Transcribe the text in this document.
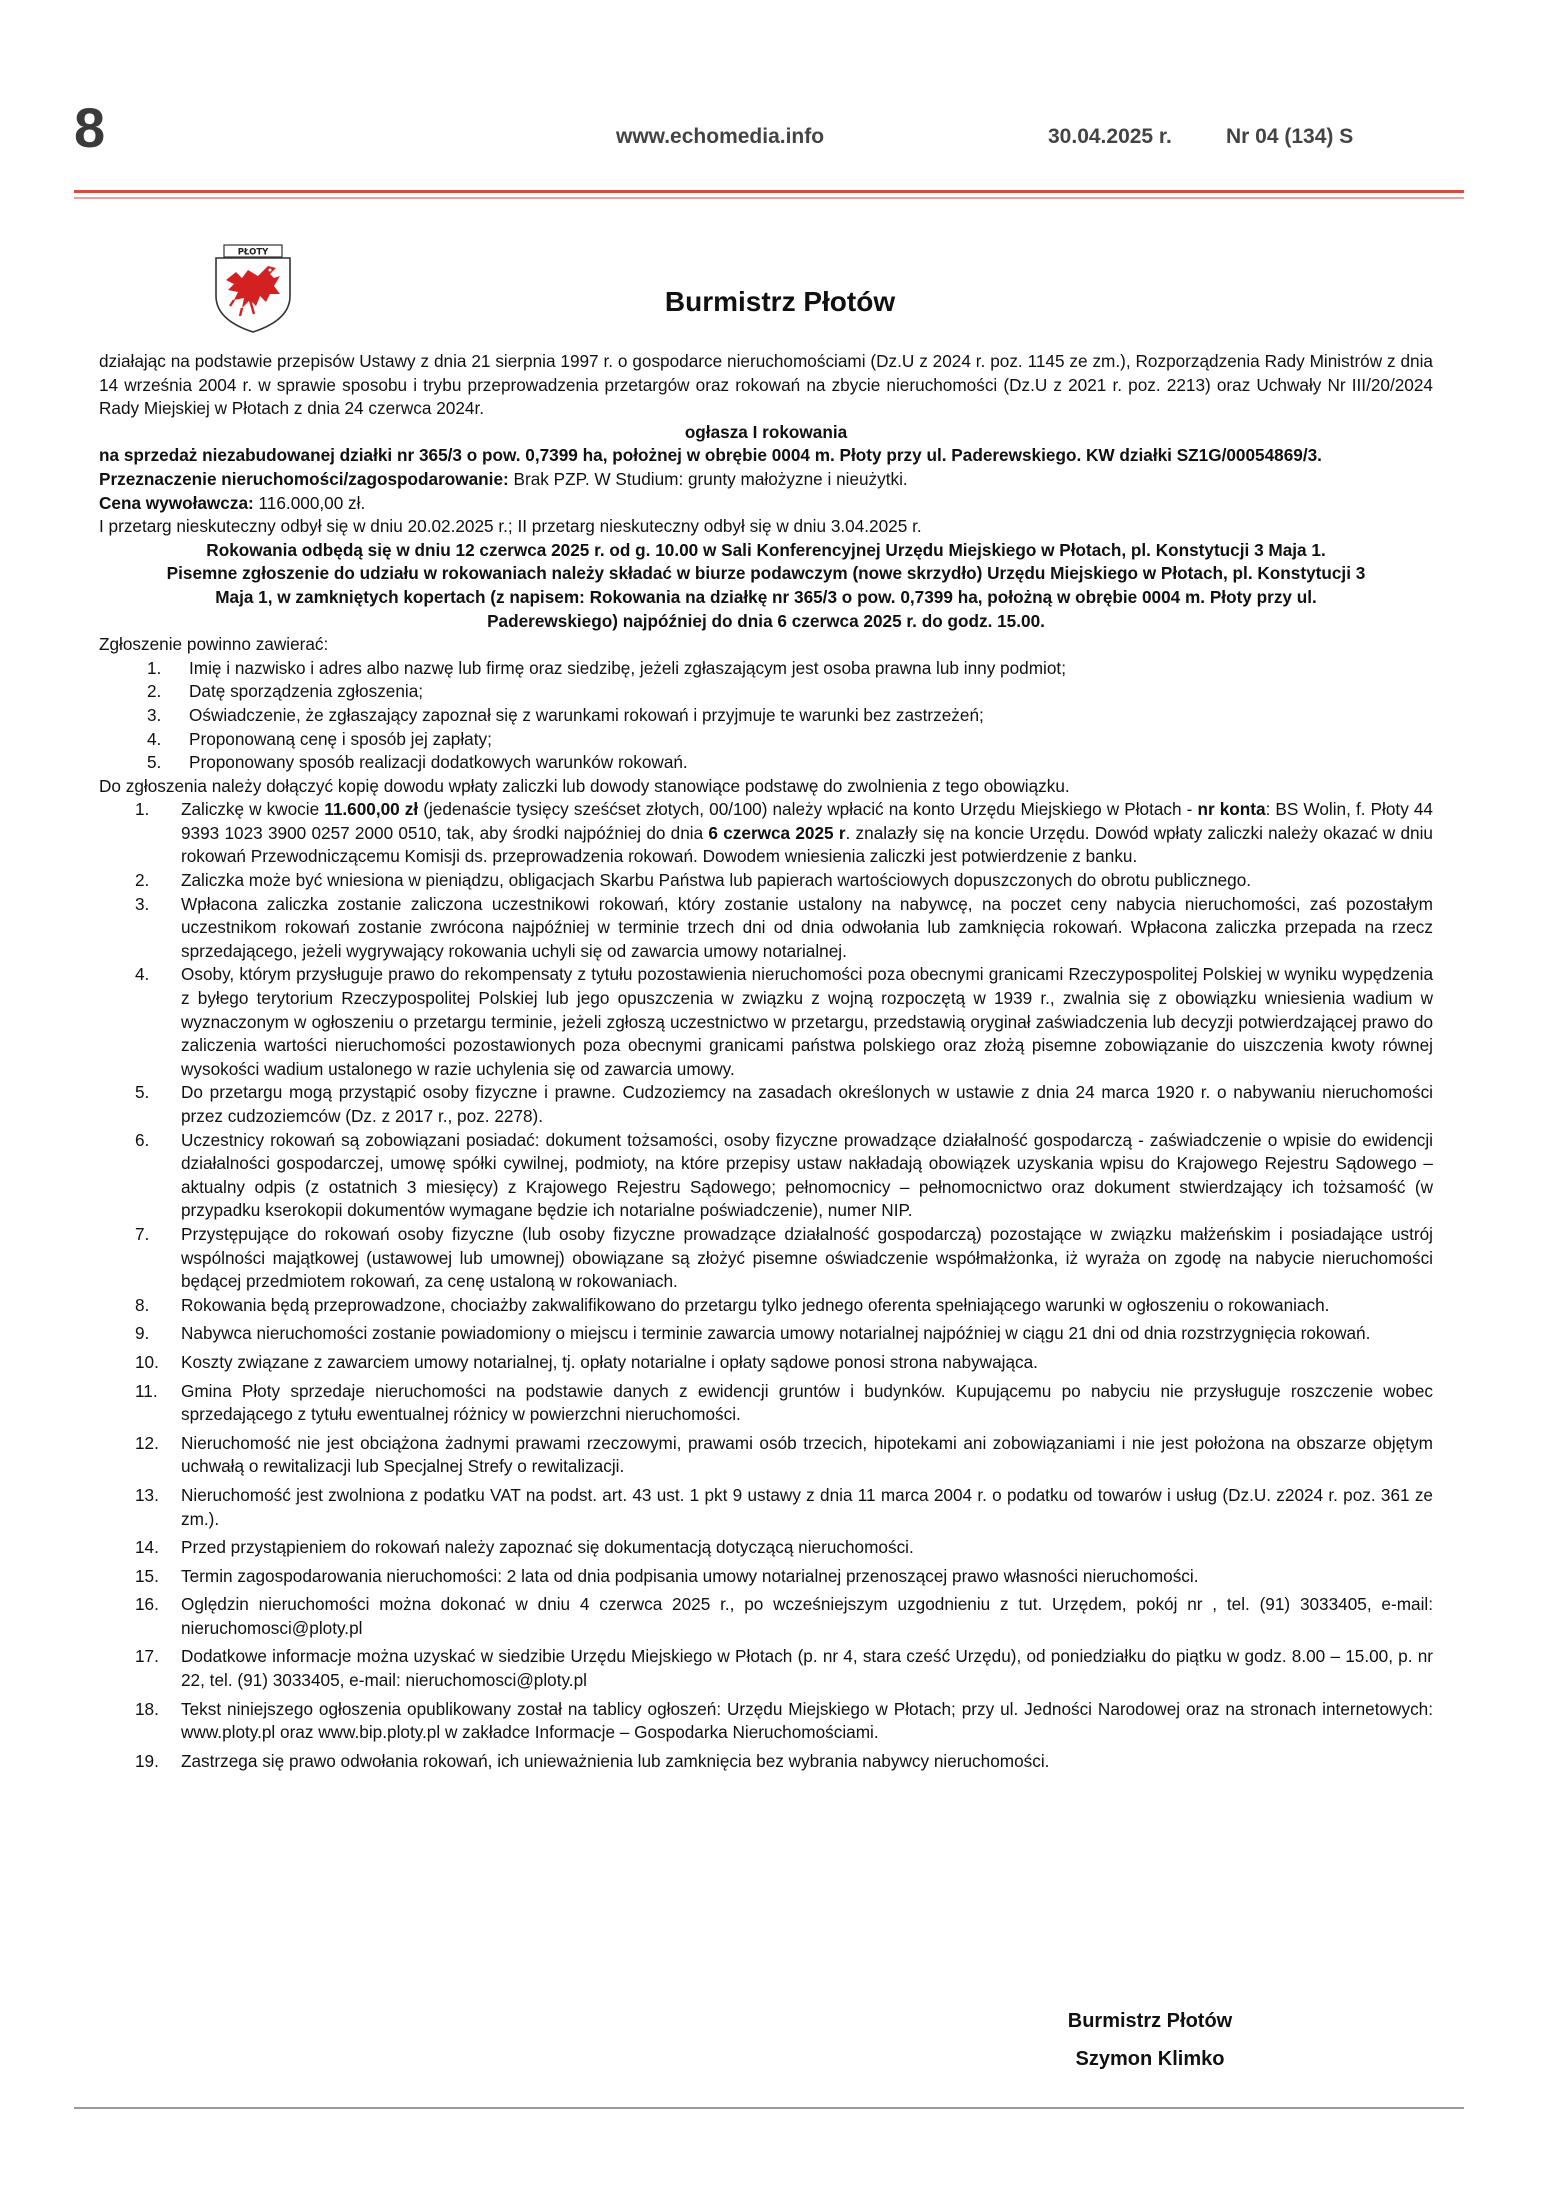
8	www.echomedia.info	30.04.2025 r.	Nr 04 (134) S
PŁOTY
Burmistrz Płotów

działając na podstawie przepisów Ustawy z dnia 21 sierpnia 1997 r. o gospodarce nieruchomościami (Dz.U z 2024 r. poz. 1145 ze zm.), Rozporządzenia Rady Ministrów z dnia 14 września 2004 r. w sprawie sposobu i trybu przeprowadzenia przetargów oraz rokowań na zbycie nieruchomości (Dz.U z 2021 r. poz. 2213) oraz Uchwały Nr III/20/2024 Rady Miejskiej w Płotach z dnia 24 czerwca 2024r.

ogłasza I rokowania

na sprzedaż niezabudowanej działki nr 365/3 o pow. 0,7399 ha, położnej w obrębie 0004 m. Płoty przy ul. Paderewskiego. KW działki SZ1G/00054869/3.

Przeznaczenie nieruchomości/zagospodarowanie: Brak PZP. W Studium: grunty małożyzne i nieużytki.

Cena wywoławcza: 116.000,00 zł.

I przetarg nieskuteczny odbył się w dniu 20.02.2025 r.; II przetarg nieskuteczny odbył się w dniu 3.04.2025 r.

Rokowania odbędą się w dniu 12 czerwca 2025 r. od g. 10.00 w Sali Konferencyjnej Urzędu Miejskiego w Płotach, pl. Konstytucji 3 Maja 1.

Pisemne zgłoszenie do udziału w rokowaniach należy składać w biurze podawczym (nowe skrzydło) Urzędu Miejskiego w Płotach, pl. Konstytucji 3 Maja 1, w zamkniętych kopertach (z napisem: Rokowania na działkę nr 365/3 o pow. 0,7399 ha, położną w obrębie 0004 m. Płoty przy ul. Paderewskiego) najpóźniej do dnia 6 czerwca 2025 r. do godz. 15.00.

Zgłoszenie powinno zawierać:

1. Imię i nazwisko i adres albo nazwę lub firmę oraz siedzibę, jeżeli zgłaszającym jest osoba prawna lub inny podmiot;
2. Datę sporządzenia zgłoszenia;
3. Oświadczenie, że zgłaszający zapoznał się z warunkami rokowań i przyjmuje te warunki bez zastrzeżeń;
4. Proponowaną cenę i sposób jej zapłaty;
5. Proponowany sposób realizacji dodatkowych warunków rokowań.

Do zgłoszenia należy dołączyć kopię dowodu wpłaty zaliczki lub dowody stanowiące podstawę do zwolnienia z tego obowiązku.

1. Zaliczkę w kwocie 11.600,00 zł (jedenaście tysięcy sześćset złotych, 00/100) należy wpłacić na konto Urzędu Miejskiego w Płotach - nr konta: BS Wolin, f. Płoty 44 9393 1023 3900 0257 2000 0510, tak, aby środki najpóźniej do dnia 6 czerwca 2025 r. znalazły się na koncie Urzędu. Dowód wpłaty zaliczki należy okazać w dniu rokowań Przewodniczącemu Komisji ds. przeprowadzenia rokowań. Dowodem wniesienia zaliczki jest potwierdzenie z banku.
2. Zaliczka może być wniesiona w pieniądzu, obligacjach Skarbu Państwa lub papierach wartościowych dopuszczonych do obrotu publicznego.
3. Wpłacona zaliczka zostanie zaliczona uczestnikowi rokowań, który zostanie ustalony na nabywcę, na poczet ceny nabycia nieruchomości, zaś pozostałym uczestnikom rokowań zostanie zwrócona najpóźniej w terminie trzech dni od dnia odwołania lub zamknięcia rokowań. Wpłacona zaliczka przepada na rzecz sprzedającego, jeżeli wygrywający rokowania uchyli się od zawarcia umowy notarialnej.
4. Osoby, którym przysługuje prawo do rekompensaty z tytułu pozostawienia nieruchomości poza obecnymi granicami Rzeczypospolitej Polskiej w wyniku wypędzenia z byłego terytorium Rzeczypospolitej Polskiej lub jego opuszczenia w związku z wojną rozpoczętą w 1939 r., zwalnia się z obowiązku wniesienia wadium w wyznaczonym w ogłoszeniu o przetargu terminie, jeżeli zgłoszą uczestnictwo w przetargu, przedstawią oryginał zaświadczenia lub decyzji potwierdzającej prawo do zaliczenia wartości nieruchomości pozostawionych poza obecnymi granicami państwa polskiego oraz złożą pisemne zobowiązanie do uiszczenia kwoty równej wysokości wadium ustalonego w razie uchylenia się od zawarcia umowy.
5. Do przetargu mogą przystąpić osoby fizyczne i prawne. Cudzoziemcy na zasadach określonych w ustawie z dnia 24 marca 1920 r. o nabywaniu nieruchomości przez cudzoziemców (Dz. z 2017 r., poz. 2278).
6. Uczestnicy rokowań są zobowiązani posiadać: dokument tożsamości, osoby fizyczne prowadzące działalność gospodarczą - zaświadczenie o wpisie do ewidencji działalności gospodarczej, umowę spółki cywilnej, podmioty, na które przepisy ustaw nakładają obowiązek uzyskania wpisu do Krajowego Rejestru Sądowego – aktualny odpis (z ostatnich 3 miesięcy) z Krajowego Rejestru Sądowego; pełnomocnicy – pełnomocnictwo oraz dokument stwierdzający ich tożsamość (w przypadku kserokopii dokumentów wymagane będzie ich notarialne poświadczenie), numer NIP.
7. Przystępujące do rokowań osoby fizyczne (lub osoby fizyczne prowadzące działalność gospodarczą) pozostające w związku małżeńskim i posiadające ustrój wspólności majątkowej (ustawowej lub umownej) obowiązane są złożyć pisemne oświadczenie współmałżonka, iż wyraża on zgodę na nabycie nieruchomości będącej przedmiotem rokowań, za cenę ustaloną w rokowaniach.
8. Rokowania będą przeprowadzone, chociażby zakwalifikowano do przetargu tylko jednego oferenta spełniającego warunki w ogłoszeniu o rokowaniach.
9. Nabywca nieruchomości zostanie powiadomiony o miejscu i terminie zawarcia umowy notarialnej najpóźniej w ciągu 21 dni od dnia rozstrzygnięcia rokowań.
10. Koszty związane z zawarciem umowy notarialnej, tj. opłaty notarialne i opłaty sądowe ponosi strona nabywająca.
11. Gmina Płoty sprzedaje nieruchomości na podstawie danych z ewidencji gruntów i budynków. Kupującemu po nabyciu nie przysługuje roszczenie wobec sprzedającego z tytułu ewentualnej różnicy w powierzchni nieruchomości.
12. Nieruchomość nie jest obciążona żadnymi prawami rzeczowymi, prawami osób trzecich, hipotekami ani zobowiązaniami i nie jest położona na obszarze objętym uchwałą o rewitalizacji lub Specjalnej Strefy o rewitalizacji.
13. Nieruchomość jest zwolniona z podatku VAT na podst. art. 43 ust. 1 pkt 9 ustawy z dnia 11 marca 2004 r. o podatku od towarów i usług (Dz.U. z2024 r. poz. 361 ze zm.).
14. Przed przystąpieniem do rokowań należy zapoznać się dokumentacją dotyczącą nieruchomości.
15. Termin zagospodarowania nieruchomości: 2 lata od dnia podpisania umowy notarialnej przenoszącej prawo własności nieruchomości.
16. Oględzin nieruchomości można dokonać w dniu 4 czerwca 2025 r., po wcześniejszym uzgodnieniu z tut. Urzędem, pokój nr , tel. (91) 3033405, e-mail: nieruchomosci@ploty.pl
17. Dodatkowe informacje można uzyskać w siedzibie Urzędu Miejskiego w Płotach (p. nr 4, stara cześć Urzędu), od poniedziałku do piątku w godz. 8.00 – 15.00, p. nr 22, tel. (91) 3033405, e-mail: nieruchomosci@ploty.pl
18. Tekst niniejszego ogłoszenia opublikowany został na tablicy ogłoszeń: Urzędu Miejskiego w Płotach; przy ul. Jedności Narodowej oraz na stronach internetowych: www.ploty.pl oraz www.bip.ploty.pl w zakładce Informacje – Gospodarka Nieruchomościami.
19. Zastrzega się prawo odwołania rokowań, ich unieważnienia lub zamknięcia bez wybrania nabywcy nieruchomości.
Burmistrz Płotów
Szymon Klimko
